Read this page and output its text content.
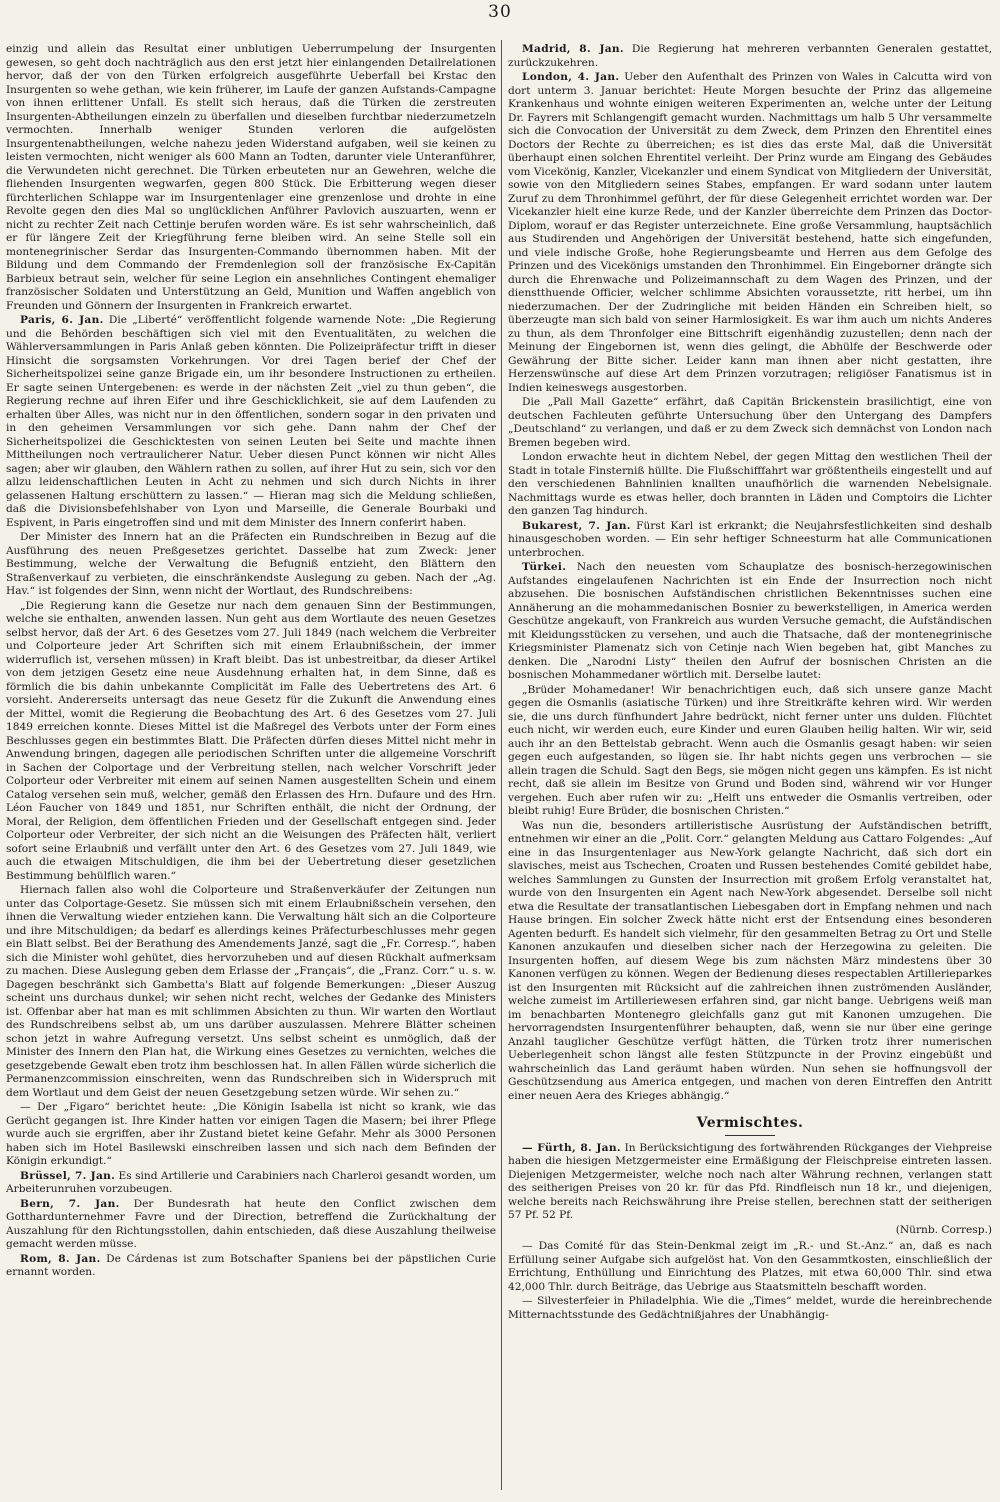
30

einzig und allein das Resultat einer unblutigen Ueberrumpelung der Insurgenten gewesen, so geht doch nachträglich aus den erst jetzt hier einlangenden Detailrelationen hervor, daß der von den Türken erfolgreich ausgeführte Ueberfall bei Krstac den Insurgenten so wehe gethan, wie kein früherer, im Laufe der ganzen Aufstands-Campagne von ihnen erlittener Unfall. Es stellt sich heraus, daß die Türken die zerstreuten Insurgenten-Abtheilungen einzeln zu überfallen und dieselben furchtbar niederzumetzeln vermochten. Innerhalb weniger Stunden verloren die aufgelösten Insurgentenabtheilungen, welche nahezu jeden Widerstand aufgaben, weil sie keinen zu leisten vermochten, nicht weniger als 600 Mann an Todten, darunter viele Unteranführer, die Verwundeten nicht gerechnet. Die Türken erbeuteten nur an Gewehren, welche die fliehenden Insurgenten wegwarfen, gegen 800 Stück. Die Erbitterung wegen dieser fürchterlichen Schlappe war im Insurgentenlager eine grenzenlose und drohte in eine Revolte gegen den dies Mal so unglücklichen Anführer Pavlovich auszuarten, wenn er nicht zu rechter Zeit nach Cettinje berufen worden wäre. Es ist sehr wahrscheinlich, daß er für längere Zeit der Kriegführung ferne bleiben wird. An seine Stelle soll ein montenegrinischer Serdar das Insurgenten-Commando übernommen haben. Mit der Bildung und dem Commando der Fremdenlegion soll der französische Ex-Capitän Barbieux betraut sein, welcher für seine Legion ein ansehnliches Contingent ehemaliger französischer Soldaten und Unterstützung an Geld, Munition und Waffen angeblich von Freunden und Gönnern der Insurgenten in Frankreich erwartet.

Paris, 6. Jan. Die „Liberté“ veröffentlicht folgende warnende Note: „Die Regierung und die Behörden beschäftigen sich viel mit den Eventualitäten, zu welchen die Wählerversammlungen in Paris Anlaß geben könnten. Die Polizeipräfectur trifft in dieser Hinsicht die sorgsamsten Vorkehrungen. Vor drei Tagen berief der Chef der Sicherheitspolizei seine ganze Brigade ein, um ihr besondere Instructionen zu ertheilen. Er sagte seinen Untergebenen: es werde in der nächsten Zeit „viel zu thun geben“, die Regierung rechne auf ihren Eifer und ihre Geschicklichkeit, sie auf dem Laufenden zu erhalten über Alles, was nicht nur in den öffentlichen, sondern sogar in den privaten und in den geheimen Versammlungen vor sich gehe. Dann nahm der Chef der Sicherheitspolizei die Geschicktesten von seinen Leuten bei Seite und machte ihnen Mittheilungen noch vertraulicherer Natur. Ueber diesen Punct können wir nicht Alles sagen; aber wir glauben, den Wählern rathen zu sollen, auf ihrer Hut zu sein, sich vor den allzu leidenschaftlichen Leuten in Acht zu nehmen und sich durch Nichts in ihrer gelassenen Haltung erschüttern zu lassen.“ — Hieran mag sich die Meldung schließen, daß die Divisionsbefehlshaber von Lyon und Marseille, die Generale Bourbaki und Espivent, in Paris eingetroffen sind und mit dem Minister des Innern conferirt haben.

Der Minister des Innern hat an die Präfecten ein Rundschreiben in Bezug auf die Ausführung des neuen Preßgesetzes gerichtet. Dasselbe hat zum Zweck: jener Bestimmung, welche der Verwaltung die Befugniß entzieht, den Blättern den Straßenverkauf zu verbieten, die einschränkendste Auslegung zu geben. Nach der „Ag. Hav.“ ist folgendes der Sinn, wenn nicht der Wortlaut, des Rundschreibens:

„Die Regierung kann die Gesetze nur nach dem genauen Sinn der Bestimmungen, welche sie enthalten, anwenden lassen. Nun geht aus dem Wortlaute des neuen Gesetzes selbst hervor, daß der Art. 6 des Gesetzes vom 27. Juli 1849 (nach welchem die Verbreiter und Colporteure jeder Art Schriften sich mit einem Erlaubnißschein, der immer widerruflich ist, versehen müssen) in Kraft bleibt. Das ist unbestreitbar, da dieser Artikel von dem jetzigen Gesetz eine neue Ausdehnung erhalten hat, in dem Sinne, daß es förmlich die bis dahin unbekannte Complicität im Falle des Uebertretens des Art. 6 vorsieht. Andererseits untersagt das neue Gesetz für die Zukunft die Anwendung eines der Mittel, womit die Regierung die Beobachtung des Art. 6 des Gesetzes vom 27. Juli 1849 erreichen konnte. Dieses Mittel ist die Maßregel des Verbots unter der Form eines Beschlusses gegen ein bestimmtes Blatt. Die Präfecten dürfen dieses Mittel nicht mehr in Anwendung bringen, dagegen alle periodischen Schriften unter die allgemeine Vorschrift in Sachen der Colportage und der Verbreitung stellen, nach welcher Vorschrift jeder Colporteur oder Verbreiter mit einem auf seinen Namen ausgestellten Schein und einem Catalog versehen sein muß, welcher, gemäß den Erlassen des Hrn. Dufaure und des Hrn. Léon Faucher von 1849 und 1851, nur Schriften enthält, die nicht der Ordnung, der Moral, der Religion, dem öffentlichen Frieden und der Gesellschaft entgegen sind. Jeder Colporteur oder Verbreiter, der sich nicht an die Weisungen des Präfecten hält, verliert sofort seine Erlaubniß und verfällt unter den Art. 6 des Gesetzes vom 27. Juli 1849, wie auch die etwaigen Mitschuldigen, die ihm bei der Uebertretung dieser gesetzlichen Bestimmung behülflich waren.“

Hiernach fallen also wohl die Colporteure und Straßenverkäufer der Zeitungen nun unter das Colportage-Gesetz. Sie müssen sich mit einem Erlaubnißschein versehen, den ihnen die Verwaltung wieder entziehen kann. Die Verwaltung hält sich an die Colporteure und ihre Mitschuldigen; da bedarf es allerdings keines Präfecturbeschlusses mehr gegen ein Blatt selbst. Bei der Berathung des Amendements Janzé, sagt die „Fr. Corresp.“, haben sich die Minister wohl gehütet, dies hervorzuheben und auf diesen Rückhalt aufmerksam zu machen. Diese Auslegung geben dem Erlasse der „Français“, die „Franz. Corr.“ u. s. w. Dagegen beschränkt sich Gambetta's Blatt auf folgende Bemerkungen: „Dieser Auszug scheint uns durchaus dunkel; wir sehen nicht recht, welches der Gedanke des Ministers ist. Offenbar aber hat man es mit schlimmen Absichten zu thun. Wir warten den Wortlaut des Rundschreibens selbst ab, um uns darüber auszulassen. Mehrere Blätter scheinen schon jetzt in wahre Aufregung versetzt. Uns selbst scheint es unmöglich, daß der Minister des Innern den Plan hat, die Wirkung eines Gesetzes zu vernichten, welches die gesetzgebende Gewalt eben trotz ihm beschlossen hat. In allen Fällen würde sicherlich die Permanenzcommission einschreiten, wenn das Rundschreiben sich in Widerspruch mit dem Wortlaut und dem Geist der neuen Gesetzgebung setzen würde. Wir sehen zu.“

— Der „Figaro“ berichtet heute: „Die Königin Isabella ist nicht so krank, wie das Gerücht gegangen ist. Ihre Kinder hatten vor einigen Tagen die Masern; bei ihrer Pflege wurde auch sie ergriffen, aber ihr Zustand bietet keine Gefahr. Mehr als 3000 Personen haben sich im Hotel Basilewski einschreiben lassen und sich nach dem Befinden der Königin erkundigt.“

Brüssel, 7. Jan. Es sind Artillerie und Carabiniers nach Charleroi gesandt worden, um Arbeiterunruhen vorzubeugen.

Bern, 7. Jan. Der Bundesrath hat heute den Conflict zwischen dem Gotthardunternehmer Favre und der Direction, betreffend die Zurückhaltung der Auszahlung für den Richtungsstollen, dahin entschieden, daß diese Auszahlung theilweise gemacht werden müsse.

Rom, 8. Jan. De Cárdenas ist zum Botschafter Spaniens bei der päpstlichen Curie ernannt worden.

Madrid, 8. Jan. Die Regierung hat mehreren verbannten Generalen gestattet, zurückzukehren.

London, 4. Jan. Ueber den Aufenthalt des Prinzen von Wales in Calcutta wird von dort unterm 3. Januar berichtet: Heute Morgen besuchte der Prinz das allgemeine Krankenhaus und wohnte einigen weiteren Experimenten an, welche unter der Leitung Dr. Fayrers mit Schlangengift gemacht wurden. Nachmittags um halb 5 Uhr versammelte sich die Convocation der Universität zu dem Zweck, dem Prinzen den Ehrentitel eines Doctors der Rechte zu überreichen; es ist dies das erste Mal, daß die Universität überhaupt einen solchen Ehrentitel verleiht. Der Prinz wurde am Eingang des Gebäudes vom Vicekönig, Kanzler, Vicekanzler und einem Syndicat von Mitgliedern der Universität, sowie von den Mitgliedern seines Stabes, empfangen. Er ward sodann unter lautem Zuruf zu dem Thronhimmel geführt, der für diese Gelegenheit errichtet worden war. Der Vicekanzler hielt eine kurze Rede, und der Kanzler überreichte dem Prinzen das Doctor-Diplom, worauf er das Register unterzeichnete. Eine große Versammlung, hauptsächlich aus Studirenden und Angehörigen der Universität bestehend, hatte sich eingefunden, und viele indische Große, hohe Regierungsbeamte und Herren aus dem Gefolge des Prinzen und des Vicekönigs umstanden den Thronhimmel. Ein Eingeborner drängte sich durch die Ehrenwache und Polizeimannschaft zu dem Wagen des Prinzen, und der dienstthuende Officier, welcher schlimme Absichten voraussetzte, ritt herbei, um ihn niederzumachen. Der der Zudringliche mit beiden Händen ein Schreiben hielt, so überzeugte man sich bald von seiner Harmlosigkeit. Es war ihm auch um nichts Anderes zu thun, als dem Thronfolger eine Bittschrift eigenhändig zuzustellen; denn nach der Meinung der Eingebornen ist, wenn dies gelingt, die Abhülfe der Beschwerde oder Gewährung der Bitte sicher. Leider kann man ihnen aber nicht gestatten, ihre Herzenswünsche auf diese Art dem Prinzen vorzutragen; religiöser Fanatismus ist in Indien keineswegs ausgestorben.

Die „Pall Mall Gazette“ erfährt, daß Capitän Brickenstein brasilichtigt, eine von deutschen Fachleuten geführte Untersuchung über den Untergang des Dampfers „Deutschland“ zu verlangen, und daß er zu dem Zweck sich demnächst von London nach Bremen begeben wird.

London erwachte heut in dichtem Nebel, der gegen Mittag den westlichen Theil der Stadt in totale Finsterniß hüllte. Die Flußschifffahrt war größtentheils eingestellt und auf den verschiedenen Bahnlinien knallten unaufhörlich die warnenden Nebelsignale. Nachmittags wurde es etwas heller, doch brannten in Läden und Comptoirs die Lichter den ganzen Tag hindurch.

Bukarest, 7. Jan. Fürst Karl ist erkrankt; die Neujahrsfestlichkeiten sind deshalb hinausgeschoben worden. — Ein sehr heftiger Schneesturm hat alle Communicationen unterbrochen.

Türkei. Nach den neuesten vom Schauplatze des bosnisch-herzegowinischen Aufstandes eingelaufenen Nachrichten ist ein Ende der Insurrection noch nicht abzusehen. Die bosnischen Aufständischen christlichen Bekenntnisses suchen eine Annäherung an die mohammedanischen Bosnier zu bewerkstelligen, in America werden Geschütze angekauft, von Frankreich aus wurden Versuche gemacht, die Aufständischen mit Kleidungsstücken zu versehen, und auch die Thatsache, daß der montenegrinische Kriegsminister Plamenatz sich von Cetinje nach Wien begeben hat, gibt Manches zu denken. Die „Narodni Listy“ theilen den Aufruf der bosnischen Christen an die bosnischen Mohammedaner wörtlich mit. Derselbe lautet:

„Brüder Mohamedaner! Wir benachrichtigen euch, daß sich unsere ganze Macht gegen die Osmanlis (asiatische Türken) und ihre Streitkräfte kehren wird. Wir werden sie, die uns durch fünfhundert Jahre bedrückt, nicht ferner unter uns dulden. Flüchtet euch nicht, wir werden euch, eure Kinder und euren Glauben heilig halten. Wir wir, seid auch ihr an den Bettelstab gebracht. Wenn auch die Osmanlis gesagt haben: wir seien gegen euch aufgestanden, so lügen sie. Ihr habt nichts gegen uns verbrochen — sie allein tragen die Schuld. Sagt den Begs, sie mögen nicht gegen uns kämpfen. Es ist nicht recht, daß sie allein im Besitze von Grund und Boden sind, während wir vor Hunger vergehen. Euch aber rufen wir zu: „Helft uns entweder die Osmanlis vertreiben, oder bleibt ruhig! Eure Brüder, die bosnischen Christen.“

Was nun die, besonders artilleristische Ausrüstung der Aufständischen betrifft, entnehmen wir einer an die „Polit. Corr.“ gelangten Meldung aus Cattaro Folgendes: „Auf eine in das Insurgentenlager aus New-York gelangte Nachricht, daß sich dort ein slavisches, meist aus Tschechen, Croaten und Russen bestehendes Comité gebildet habe, welches Sammlungen zu Gunsten der Insurrection mit großem Erfolg veranstaltet hat, wurde von den Insurgenten ein Agent nach New-York abgesendet. Derselbe soll nicht etwa die Resultate der transatlantischen Liebesgaben dort in Empfang nehmen und nach Hause bringen. Ein solcher Zweck hätte nicht erst der Entsendung eines besonderen Agenten bedurft. Es handelt sich vielmehr, für den gesammelten Betrag zu Ort und Stelle Kanonen anzukaufen und dieselben sicher nach der Herzegowina zu geleiten. Die Insurgenten hoffen, auf diesem Wege bis zum nächsten März mindestens über 30 Kanonen verfügen zu können. Wegen der Bedienung dieses respectablen Artillerieparkes ist den Insurgenten mit Rücksicht auf die zahlreichen ihnen zuströmenden Ausländer, welche zumeist im Artilleriewesen erfahren sind, gar nicht bange. Uebrigens weiß man im benachbarten Montenegro gleichfalls ganz gut mit Kanonen umzugehen. Die hervorragendsten Insurgentenführer behaupten, daß, wenn sie nur über eine geringe Anzahl tauglicher Geschütze verfügt hätten, die Türken trotz ihrer numerischen Ueberlegenheit schon längst alle festen Stützpuncte in der Provinz eingebüßt und wahrscheinlich das Land geräumt haben würden. Nun sehen sie hoffnungsvoll der Geschützsendung aus America entgegen, und machen von deren Eintreffen den Antritt einer neuen Aera des Krieges abhängig.“

Vermischtes.

— Fürth, 8. Jan. In Berücksichtigung des fortwährenden Rückganges der Viehpreise haben die hiesigen Metzgermeister eine Ermäßigung der Fleischpreise eintreten lassen. Diejenigen Metzgermeister, welche noch nach alter Währung rechnen, verlangen statt des seitherigen Preises von 20 kr. für das Pfd. Rindfleisch nun 18 kr., und diejenigen, welche bereits nach Reichswährung ihre Preise stellen, berechnen statt der seitherigen 57 Pf. 52 Pf.

(Nürnb. Corresp.)

— Das Comité für das Stein-Denkmal zeigt im „R.- und St.-Anz.“ an, daß es nach Erfüllung seiner Aufgabe sich aufgelöst hat. Von den Gesammtkosten, einschließlich der Errichtung, Enthüllung und Einrichtung des Platzes, mit etwa 60,000 Thlr. sind etwa 42,000 Thlr. durch Beiträge, das Uebrige aus Staatsmitteln beschafft worden.

— Silvesterfeier in Philadelphia. Wie die „Times“ meldet, wurde die hereinbrechende Mitternachtsstunde des Gedächtnißjahres der Unabhängig-
